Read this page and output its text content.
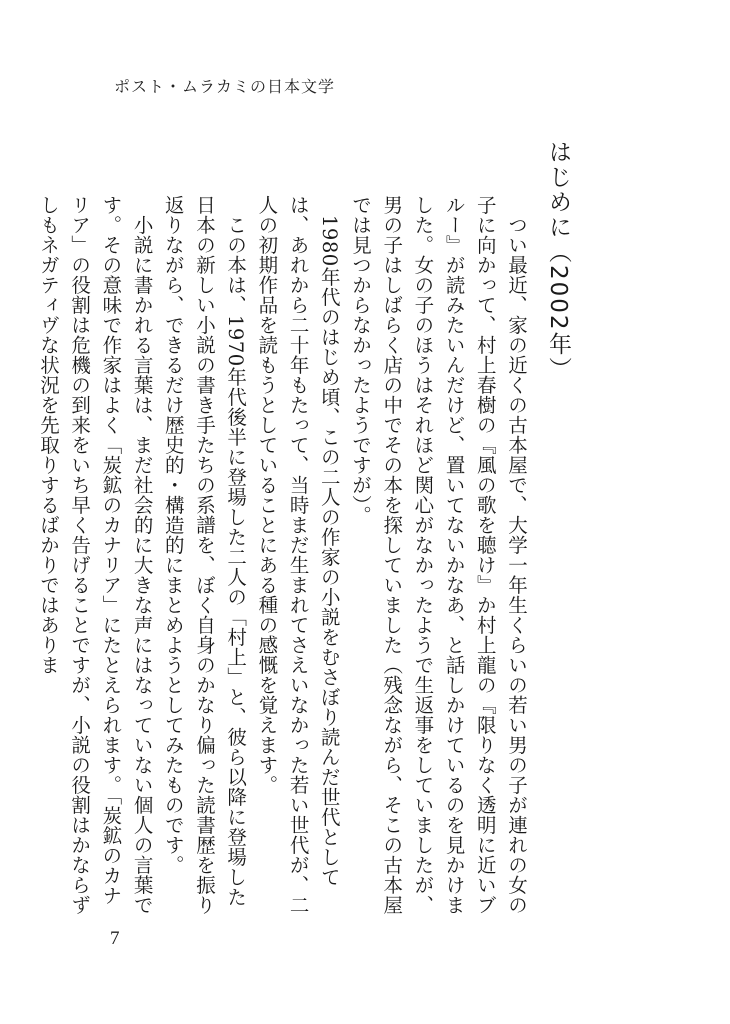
ポスト・ムラカミの日本文学
はじめに（2002年）

　つい最近、家の近くの古本屋で、大学一年生くらいの若い男の子が連れの女の子に向かって、村上春樹の『風の歌を聴け』か村上龍の『限りなく透明に近いブルー』が読みたいんだけど、置いてないかなあ、と話しかけているのを見かけました。女の子のほうはそれほど関心がなかったようで生返事をしていましたが、男の子はしばらく店の中でその本を探していました（残念ながら、そこの古本屋では見つからなかったようですが）。

　1980年代のはじめ頃、この二人の作家の小説をむさぼり読んだ世代としては、あれから二十年もたって、当時まだ生まれてさえいなかった若い世代が、二人の初期作品を読もうとしていることにある種の感慨を覚えます。

　この本は、1970年代後半に登場した二人の「村上」と、彼ら以降に登場した日本の新しい小説の書き手たちの系譜を、ぼく自身のかなり偏った読書歴を振り返りながら、できるだけ歴史的・構造的にまとめようとしてみたものです。

　小説に書かれる言葉は、まだ社会的に大きな声にはなっていない個人の言葉です。その意味で作家はよく「炭鉱のカナリア」にたとえられます。「炭鉱のカナリア」の役割は危機の到来をいち早く告げることですが、小説の役割はかならずしもネガティヴな状況を先取りするばかりではありま

7
